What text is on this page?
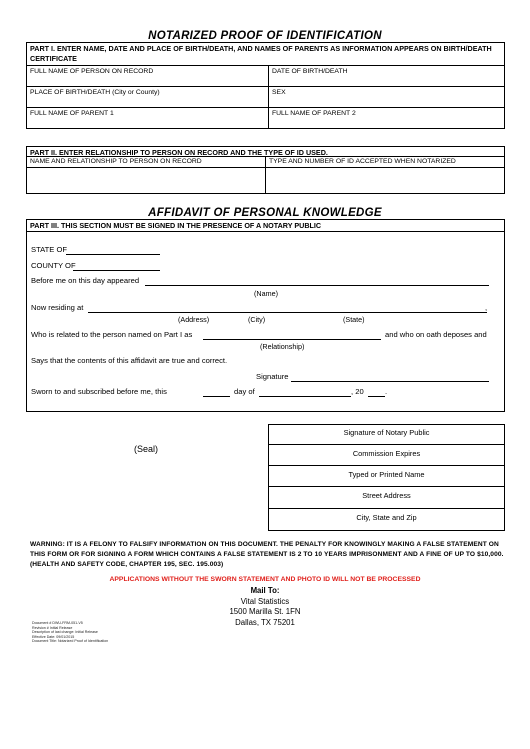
NOTARIZED PROOF OF IDENTIFICATION
PART I. ENTER NAME, DATE AND PLACE OF BIRTH/DEATH, AND NAMES OF PARENTS AS INFORMATION APPEARS ON BIRTH/DEATH CERTIFICATE
FULL NAME OF PERSON ON RECORD	DATE OF BIRTH/DEATH
PLACE OF BIRTH/DEATH (City or County)	SEX
FULL NAME OF PARENT 1	FULL NAME OF PARENT 2
PART II. ENTER RELATIONSHIP TO PERSON ON RECORD AND THE TYPE OF ID USED.
NAME AND RELATIONSHIP TO PERSON ON RECORD	TYPE AND NUMBER OF ID ACCEPTED WHEN NOTARIZED
AFFIDAVIT OF PERSONAL KNOWLEDGE
PART III. THIS SECTION MUST BE SIGNED IN THE PRESENCE OF A NOTARY PUBLIC
STATE OF
COUNTY OF
Before me on this day appeared
(Name)
Now residing at	,
(Address)	(City)	(State)
Who is related to the person named on Part I as	and who on oath deposes and
(Relationship)
Says that the contents of this affidavit are true and correct.
Signature
Sworn to and subscribed before me, this	day of	, 20	.
(Seal)
Signature of Notary Public
Commission Expires
Typed or Printed Name
Street Address
City, State and Zip
WARNING: IT IS A FELONY TO FALSIFY INFORMATION ON THIS DOCUMENT. THE PENALTY FOR KNOWINGLY MAKING A FALSE STATEMENT ON THIS FORM OR FOR SIGNING A FORM WHICH CONTAINS A FALSE STATEMENT IS 2 TO 10 YEARS IMPRISONMENT AND A FINE OF UP TO $10,000. (HEALTH AND SAFETY CODE, CHAPTER 195, SEC. 195.003)
APPLICATIONS WITHOUT THE SWORN STATEMENT AND PHOTO ID WILL NOT BE PROCESSED
Mail To:
Vital Statistics
1500 Marilla St. 1FN
Dallas, TX 75201
Document # DWU-FRM-051-V5
Revision # Initial Release
Description of last change: Initial Release
Effective Date: 09/01/2015
Document Title: Notarized Proof of Identification
